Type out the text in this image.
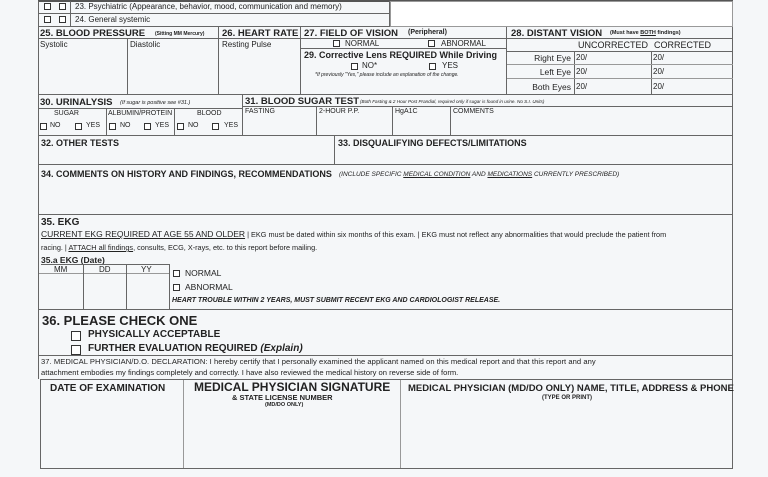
23. Psychiatric (Appearance, behavior, mood, communication and memory)
24. General systemic
25. BLOOD PRESSURE (Sitting MM Mercury)
Systolic	Diastolic
26. HEART RATE
Resting Pulse
27. FIELD OF VISION (Peripheral)
NORMAL	ABNORMAL
29. Corrective Lens REQUIRED While Driving
NO*	YES
*If previously "Yes," please include an explanation of the change.
28. DISTANT VISION (Must have BOTH findings)
UNCORRECTED CORRECTED
Right Eye 20/	20/
Left Eye 20/	20/
Both Eyes 20/	20/
30. URINALYSIS (If sugar is positive see #31.)
SUGAR	ALBUMIN/PROTEIN	BLOOD
NO	YES	NO	YES	NO	YES
31. BLOOD SUGAR TEST (Both Fasting & 2 Hour Post Prandial, required only if sugar is found in urine. No S.I. Units)
FASTING	2-HOUR P.P.	HgA1C	COMMENTS
32. OTHER TESTS	33. DISQUALIFYING DEFECTS/LIMITATIONS
34. COMMENTS ON HISTORY AND FINDINGS, RECOMMENDATIONS (INCLUDE SPECIFIC MEDICAL CONDITION AND MEDICATIONS CURRENTLY PRESCRIBED)
35. EKG
CURRENT EKG REQUIRED AT AGE 55 AND OLDER | EKG must be dated within six months of this exam. | EKG must not reflect any abnormalities that would preclude the patient from
racing. | ATTACH all findings, consults, ECG, X-rays, etc. to this report before mailing.
35.a EKG (Date)
MM	DD	YY	NORMAL
ABNORMAL
HEART TROUBLE WITHIN 2 YEARS, MUST SUBMIT RECENT EKG AND CARDIOLOGIST RELEASE.
36. PLEASE CHECK ONE
PHYSICALLY ACCEPTABLE
FURTHER EVALUATION REQUIRED (Explain)
37. MEDICAL PHYSICIAN/D.O. DECLARATION: I hereby certify that I personally examined the applicant named on this medical report and that this report and any
attachment embodies my findings completely and correctly. I have also reviewed the medical history on reverse side of form.
DATE OF EXAMINATION MEDICAL PHYSICIAN SIGNATURE
& STATE LICENSE NUMBER
(MD/DO ONLY)
MEDICAL PHYSICIAN (MD/DO ONLY) NAME, TITLE, ADDRESS & PHONE
(TYPE OR PRINT)
